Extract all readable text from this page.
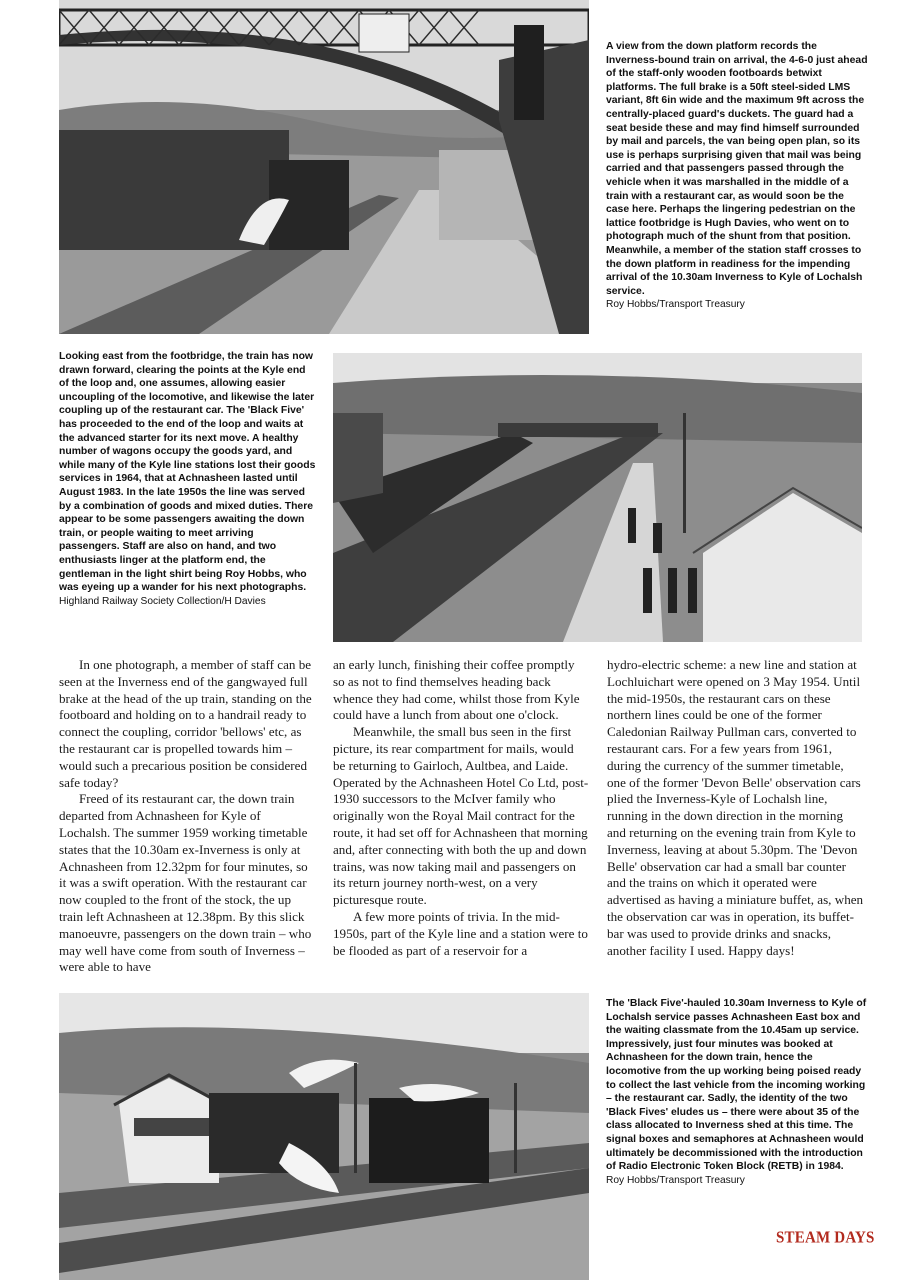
A view from the down platform records the Inverness-bound train on arrival, the 4-6-0 just ahead of the staff-only wooden footboards betwixt platforms. The full brake is a 50ft steel-sided LMS variant, 8ft 6in wide and the maximum 9ft across the centrally-placed guard's duckets. The guard had a seat beside these and may find himself surrounded by mail and parcels, the van being open plan, so its use is perhaps surprising given that mail was being carried and that passengers passed through the vehicle when it was marshalled in the middle of a train with a restaurant car, as would soon be the case here. Perhaps the lingering pedestrian on the lattice footbridge is Hugh Davies, who went on to photograph much of the shunt from that position. Meanwhile, a member of the station staff crosses to the down platform in readiness for the impending arrival of the 10.30am Inverness to Kyle of Lochalsh service.

Roy Hobbs/Transport Treasury

Looking east from the footbridge, the train has now drawn forward, clearing the points at the Kyle end of the loop and, one assumes, allowing easier uncoupling of the locomotive, and likewise the later coupling up of the restaurant car. The 'Black Five' has proceeded to the end of the loop and waits at the advanced starter for its next move. A healthy number of wagons occupy the goods yard, and while many of the Kyle line stations lost their goods services in 1964, that at Achnasheen lasted until August 1983. In the late 1950s the line was served by a combination of goods and mixed duties. There appear to be some passengers awaiting the down train, or people waiting to meet arriving passengers. Staff are also on hand, and two enthusiasts linger at the platform end, the gentleman in the light shirt being Roy Hobbs, who was eyeing up a wander for his next photographs.

Highland Railway Society Collection/H Davies

In one photograph, a member of staff can be seen at the Inverness end of the gangwayed full brake at the head of the up train, standing on the footboard and holding on to a handrail ready to connect the coupling, corridor 'bellows' etc, as the restaurant car is propelled towards him – would such a precarious position be considered safe today?

Freed of its restaurant car, the down train departed from Achnasheen for Kyle of Lochalsh. The summer 1959 working timetable states that the 10.30am ex-Inverness is only at Achnasheen from 12.32pm for four minutes, so it was a swift operation. With the restaurant car now coupled to the front of the stock, the up train left Achnasheen at 12.38pm. By this slick manoeuvre, passengers on the down train – who may well have come from south of Inverness – were able to have

an early lunch, finishing their coffee promptly so as not to find themselves heading back whence they had come, whilst those from Kyle could have a lunch from about one o'clock.

Meanwhile, the small bus seen in the first picture, its rear compartment for mails, would be returning to Gairloch, Aultbea, and Laide. Operated by the Achnasheen Hotel Co Ltd, post-1930 successors to the McIver family who originally won the Royal Mail contract for the route, it had set off for Achnasheen that morning and, after connecting with both the up and down trains, was now taking mail and passengers on its return journey north-west, on a very picturesque route.

A few more points of trivia. In the mid-1950s, part of the Kyle line and a station were to be flooded as part of a reservoir for a

hydro-electric scheme: a new line and station at Lochluichart were opened on 3 May 1954. Until the mid-1950s, the restaurant cars on these northern lines could be one of the former Caledonian Railway Pullman cars, converted to restaurant cars. For a few years from 1961, during the currency of the summer timetable, one of the former 'Devon Belle' observation cars plied the Inverness-Kyle of Lochalsh line, running in the down direction in the morning and returning on the evening train from Kyle to Inverness, leaving at about 5.30pm. The 'Devon Belle' observation car had a small bar counter and the trains on which it operated were advertised as having a miniature buffet, as, when the observation car was in operation, its buffet-bar was used to provide drinks and snacks, another facility I used. Happy days!

The 'Black Five'-hauled 10.30am Inverness to Kyle of Lochalsh service passes Achnasheen East box and the waiting classmate from the 10.45am up service. Impressively, just four minutes was booked at Achnasheen for the down train, hence the locomotive from the up working being poised ready to collect the last vehicle from the incoming working – the restaurant car. Sadly, the identity of the two 'Black Fives' eludes us – there were about 35 of the class allocated to Inverness shed at this time. The signal boxes and semaphores at Achnasheen would ultimately be decommissioned with the introduction of Radio Electronic Token Block (RETB) in 1984.

Roy Hobbs/Transport Treasury

STEAM DAYS
